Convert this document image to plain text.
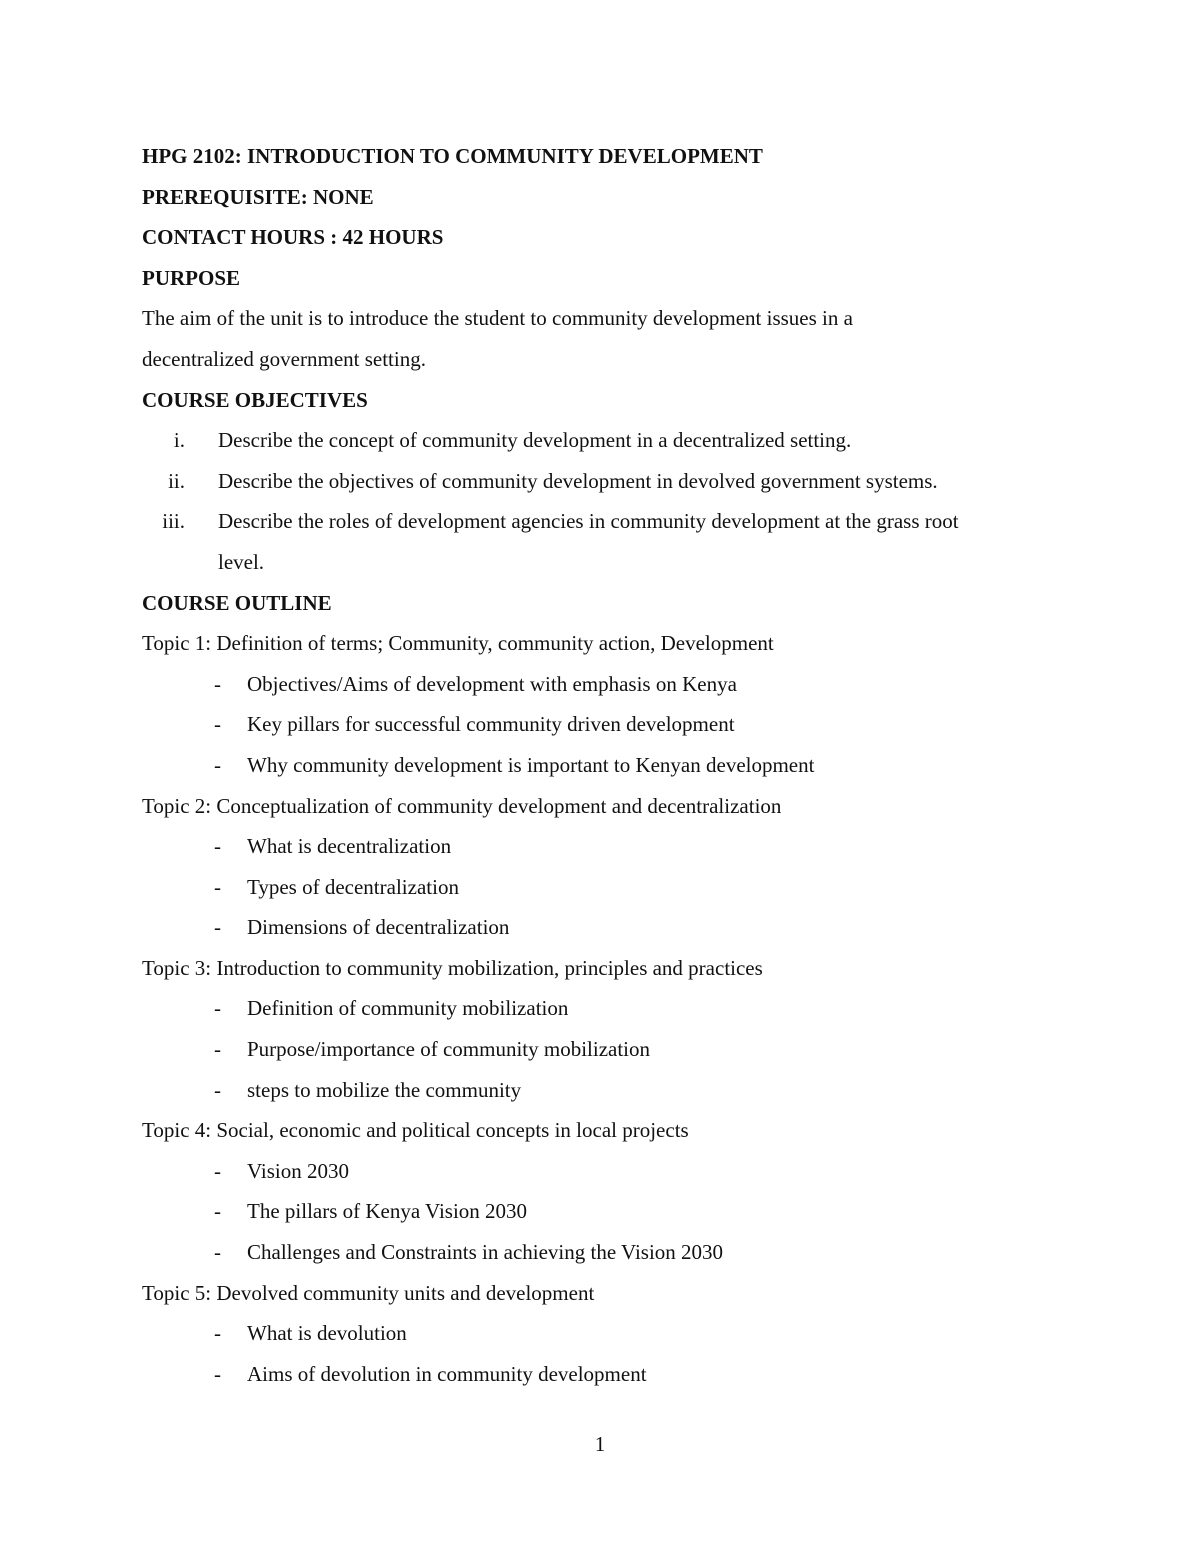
HPG 2102: INTRODUCTION TO COMMUNITY DEVELOPMENT
PREREQUISITE: NONE
CONTACT HOURS : 42 HOURS
PURPOSE
The aim of the unit is to introduce the student to community development issues in a
decentralized government setting.
COURSE OBJECTIVES
i. Describe the concept of community development in a decentralized setting.
ii. Describe the objectives of community development in devolved government systems.
iii. Describe the roles of development agencies in community development at the grass root
level.
COURSE OUTLINE
Topic 1: Definition of terms; Community, community action, Development
- Objectives/Aims of development with emphasis on Kenya
- Key pillars for successful community driven development
- Why community development is important to Kenyan development
Topic 2: Conceptualization of community development and decentralization
- What is decentralization
- Types of decentralization
- Dimensions of decentralization
Topic 3: Introduction to community mobilization, principles and practices
- Definition of community mobilization
- Purpose/importance of community mobilization
- steps to mobilize the community
Topic 4: Social, economic and political concepts in local projects
- Vision 2030
- The pillars of Kenya Vision 2030
- Challenges and Constraints in achieving the Vision 2030
Topic 5: Devolved community units and development
- What is devolution
- Aims of devolution in community development
1
